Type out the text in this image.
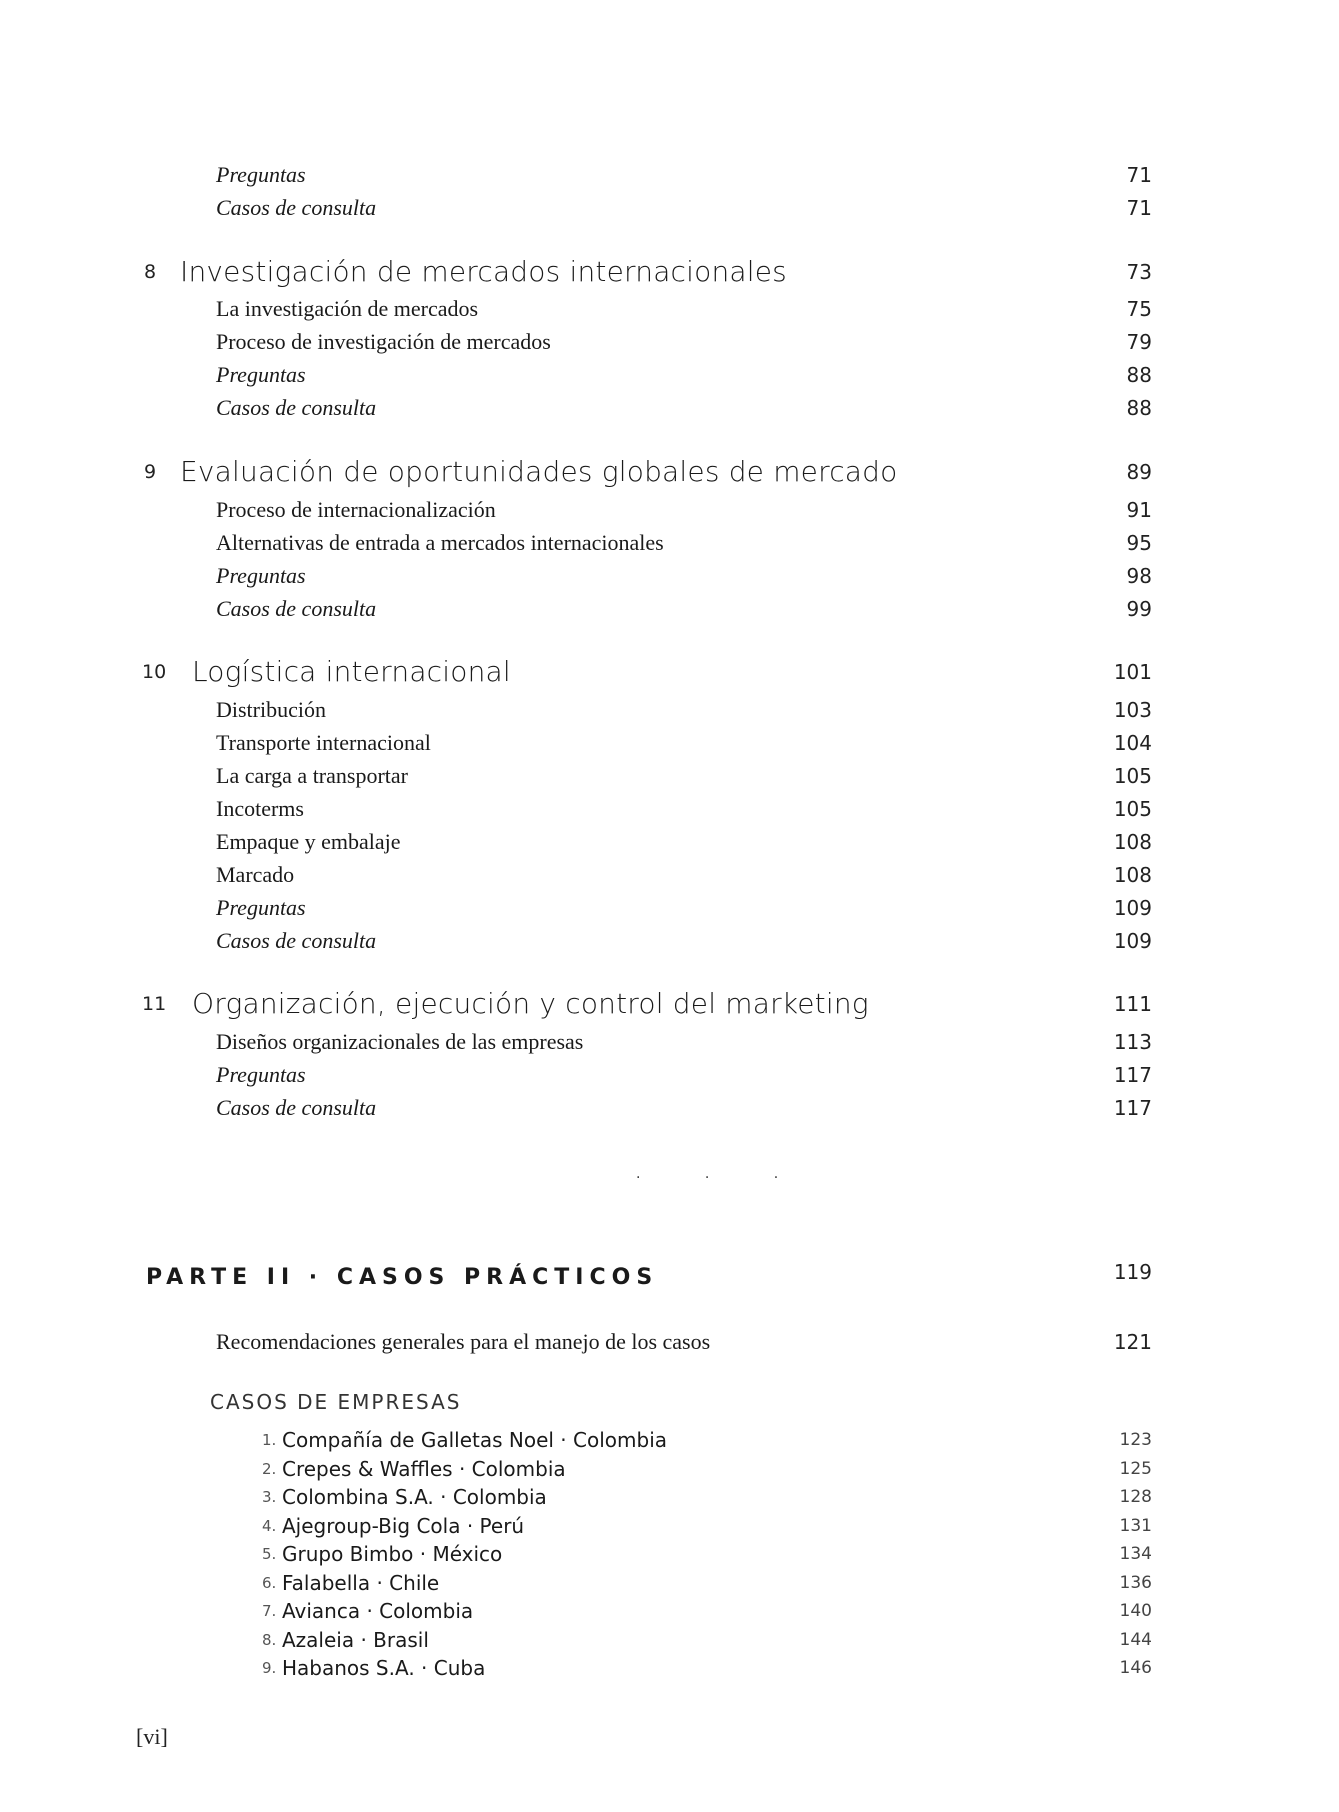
Preguntas	71
Casos de consulta	71
8 Investigación de mercados internacionales	73
La investigación de mercados	75
Proceso de investigación de mercados	79
Preguntas	88
Casos de consulta	88
9 Evaluación de oportunidades globales de mercado	89
Proceso de internacionalización	91
Alternativas de entrada a mercados internacionales	95
Preguntas	98
Casos de consulta	99
10 Logística internacional	101
Distribución	103
Transporte internacional	104
La carga a transportar	105
Incoterms	105
Empaque y embalaje	108
Marcado	108
Preguntas	109
Casos de consulta	109
11 Organización, ejecución y control del marketing	111
Diseños organizacionales de las empresas	113
Preguntas	117
Casos de consulta	117
· · ·
PARTE II · CASOS PRÁCTICOS	119
Recomendaciones generales para el manejo de los casos	121
CASOS DE EMPRESAS
1. Compañía de Galletas Noel · Colombia	123
2. Crepes & Waffles · Colombia	125
3. Colombina S.A. · Colombia	128
4. Ajegroup-Big Cola · Perú	131
5. Grupo Bimbo · México	134
6. Falabella · Chile	136
7. Avianca · Colombia	140
8. Azaleia · Brasil	144
9. Habanos S.A. · Cuba	146
[vi]
